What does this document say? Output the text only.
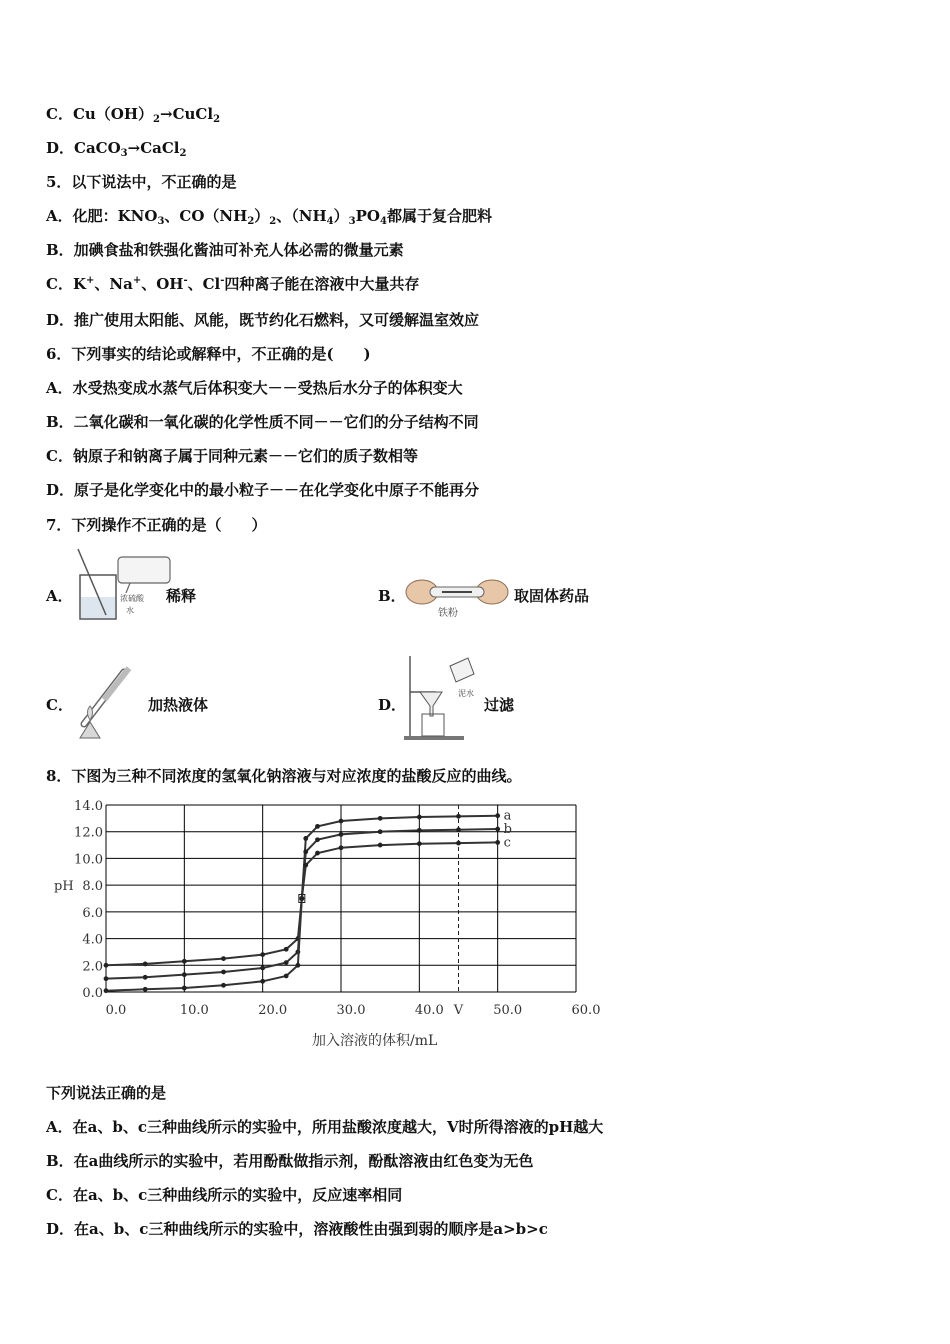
C．$Cu(OH)_2\to CuCl_2$
D．CaCO$_3$→CaCl$_2$
5．以下说法中，不正确的是
A．化肥：$KNO_3$、$CO(NH_2)_2$、$(NH_4)_3PO_4$都属于复合肥料
B．加碘食盐和铁强化酱油可补充人体必需的微量元素
C．K+、Na+、OH-、Cl-四种离子能在溶液中大量共存
D．推广使用太阳能、风能，既节约化石燃料，又可缓解温室效应
6．下列事实的结论或解释中，不正确的是(　　)
A．水受热变成水蒸气后体积变大－－受热后水分子的体积变大
B．二氧化碳和一氧化碳的化学性质不同－－它们的分子结构不同
C．钠原子和钠离子属于同种元素－－它们的质子数相等
D．原子是化学变化中的最小粒子－－在化学变化中原子不能再分
7．下列操作不正确的是（　　）
A．	浓硫酸
水
稀释	B．
铁粉
取固体药品
C．	加热液体	D．
泥水
过滤
8．下图为三种不同浓度的氢氧化钠溶液与对应浓度的盐酸反应的曲线。
0.0
2.0
4.0
6.0
8.0
10.0
12.0
14.0
0.0	10.0	20.0	30.0	40.0	50.0	60.0
V
a
b
c
pH
加入溶液的体积/mL
下列说法正确的是
A．在a、b、c三种曲线所示的实验中，所用盐酸浓度越大，V时所得溶液的pH越大
B．在a曲线所示的实验中，若用酚酞做指示剂，酚酞溶液由红色变为无色
C．在a、b、c三种曲线所示的实验中，反应速率相同
D．在a、b、c三种曲线所示的实验中，溶液酸性由强到弱的顺序是a>b>c
